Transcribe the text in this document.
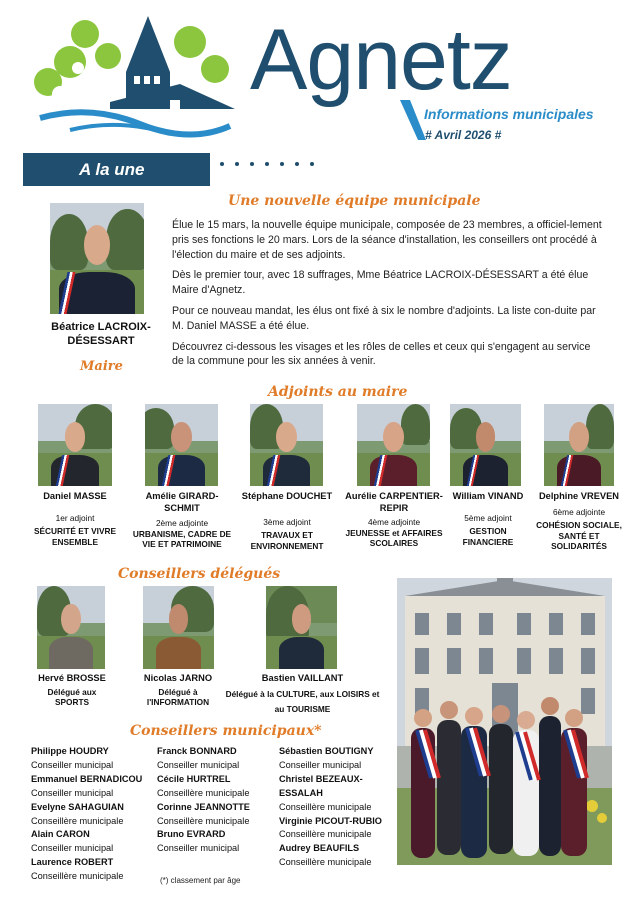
Agnetz
Informations municipales
# Avril 2026 #
A la une
Une nouvelle équipe municipale
Béatrice LACROIX-DÉSESSART
Maire

Élue le 15 mars, la nouvelle équipe municipale, composée de 23 membres, a officiel-lement pris ses fonctions le 20 mars. Lors de la séance d'installation, les conseillers ont procédé à l'élection du maire et de ses adjoints.

Dès le premier tour, avec 18 suffrages, Mme Béatrice LACROIX-DÉSESSART a été élue Maire d'Agnetz.

Pour ce nouveau mandat, les élus ont fixé à six le nombre d'adjoints. La liste con-duite par M. Daniel MASSE a été élue.

Découvrez ci-dessous les visages et les rôles de celles et ceux qui s'engagent au service de la commune pour les six années à venir.

Adjoints au maire
Daniel MASSE
1er adjoint
SÉCURITÉ ET VIVRE ENSEMBLE
Amélie GIRARD-SCHMIT
2ème adjointe
URBANISME, CADRE DE VIE ET PATRIMOINE
Stéphane DOUCHET
3ème adjoint
TRAVAUX ET ENVIRONNEMENT
Aurélie CARPENTIER-REPIR
4ème adjointe
JEUNESSE et AFFAIRES SCOLAIRES
William VINAND
5ème adjoint
GESTION FINANCIERE
Delphine VREVEN
6ème adjointe
COHÉSION SOCIALE, SANTÉ ET SOLIDARITÉS
Conseillers délégués
Hervé BROSSE
Délégué aux SPORTS
Nicolas JARNO
Délégué à l'INFORMATION
Bastien VAILLANT
Délégué à la CULTURE, aux LOISIRS et au TOURISME
Conseillers municipaux*
Philippe HOUDRY
Conseiller municipal
Emmanuel BERNADICOU
Conseiller municipal
Evelyne SAHAGUIAN
Conseillère municipale
Alain CARON
Conseiller municipal
Laurence ROBERT
Conseillère municipale
Franck BONNARD
Conseiller municipal
Cécile HURTREL
Conseillère municipale
Corinne JEANNOTTE
Conseillère municipale
Bruno EVRARD
Conseiller municipal
Sébastien BOUTIGNY
Conseiller municipal
Christel BEZEAUX-ESSALAH
Conseillère municipale
Virginie PICOUT-RUBIO
Conseillère municipale
Audrey BEAUFILS
Conseillère municipale
(*) classement par âge
